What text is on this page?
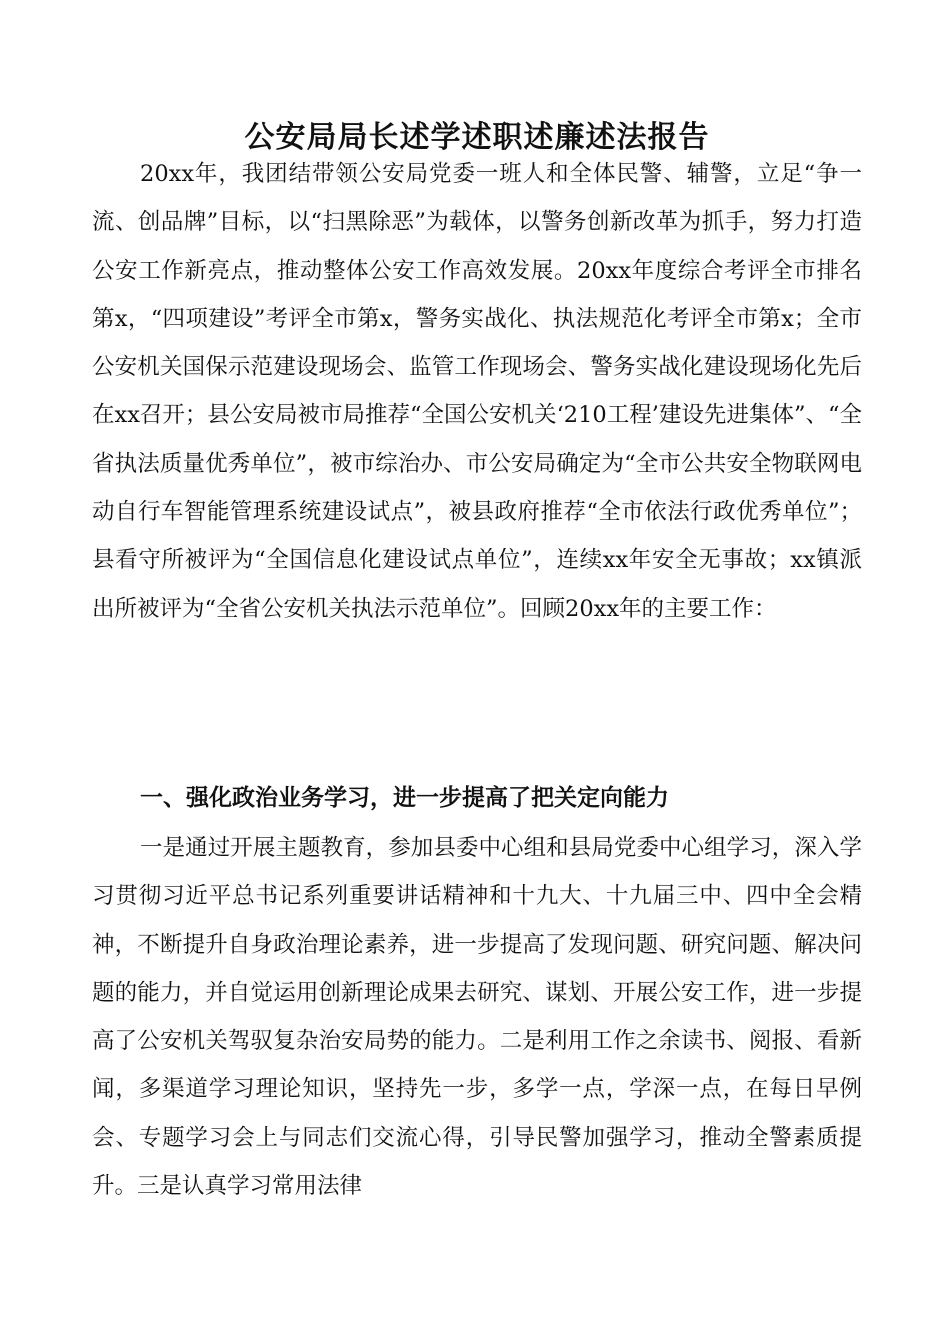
公安局局长述学述职述廉述法报告

20xx年，我团结带领公安局党委一班人和全体民警、辅警，立足“争一流、创品牌”目标，以“扫黑除恶”为载体，以警务创新改革为抓手，努力打造公安工作新亮点，推动整体公安工作高效发展。20xx年度综合考评全市排名第x，“四项建设”考评全市第x，警务实战化、执法规范化考评全市第x；全市公安机关国保示范建设现场会、监管工作现场会、警务实战化建设现场化先后在xx召开；县公安局被市局推荐“全国公安机关‘210工程’建设先进集体”、“全省执法质量优秀单位”，被市综治办、市公安局确定为“全市公共安全物联网电动自行车智能管理系统建设试点”，被县政府推荐“全市依法行政优秀单位”；县看守所被评为“全国信息化建设试点单位”，连续xx年安全无事故；xx镇派出所被评为“全省公安机关执法示范单位”。回顾20xx年的主要工作：

一、强化政治业务学习，进一步提高了把关定向能力

一是通过开展主题教育，参加县委中心组和县局党委中心组学习，深入学习贯彻习近平总书记系列重要讲话精神和十九大、十九届三中、四中全会精神，不断提升自身政治理论素养，进一步提高了发现问题、研究问题、解决问题的能力，并自觉运用创新理论成果去研究、谋划、开展公安工作，进一步提高了公安机关驾驭复杂治安局势的能力。二是利用工作之余读书、阅报、看新闻，多渠道学习理论知识，坚持先一步，多学一点，学深一点，在每日早例会、专题学习会上与同志们交流心得，引导民警加强学习，推动全警素质提升。三是认真学习常用法律
